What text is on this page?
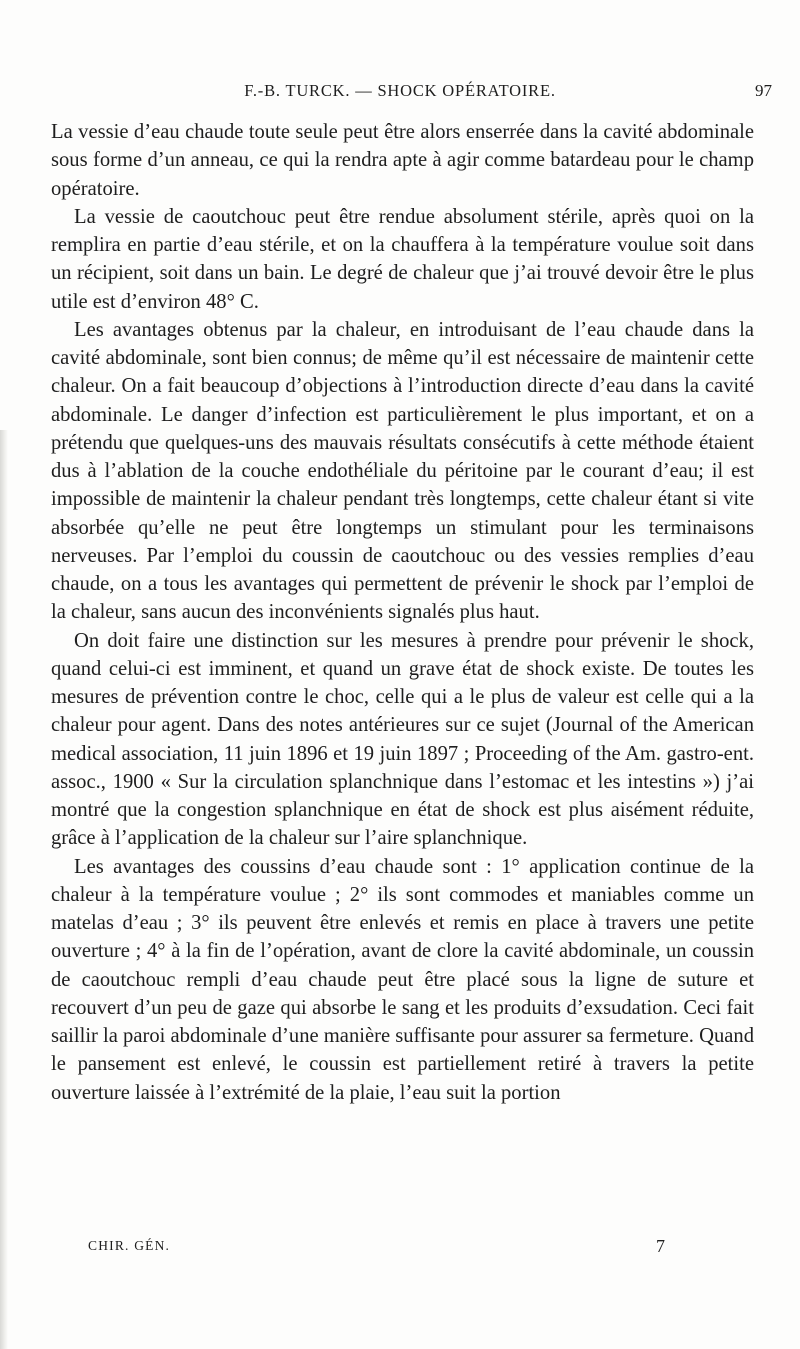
F.-B. TURCK. — SHOCK OPÉRATOIRE.	97

La vessie d’eau chaude toute seule peut être alors enserrée dans la cavité abdominale sous forme d’un anneau, ce qui la rendra apte à agir comme batardeau pour le champ opératoire.

La vessie de caoutchouc peut être rendue absolument stérile, après quoi on la remplira en partie d’eau stérile, et on la chauffera à la température voulue soit dans un récipient, soit dans un bain. Le degré de chaleur que j’ai trouvé devoir être le plus utile est d’environ 48° C.

Les avantages obtenus par la chaleur, en introduisant de l’eau chaude dans la cavité abdominale, sont bien connus; de même qu’il est nécessaire de maintenir cette chaleur. On a fait beaucoup d’objections à l’introduction directe d’eau dans la cavité abdominale. Le danger d’infection est particulièrement le plus important, et on a prétendu que quelques-uns des mauvais résultats consécutifs à cette méthode étaient dus à l’ablation de la couche endothéliale du péritoine par le courant d’eau; il est impossible de maintenir la chaleur pendant très longtemps, cette chaleur étant si vite absorbée qu’elle ne peut être longtemps un stimulant pour les terminaisons nerveuses. Par l’emploi du coussin de caoutchouc ou des vessies remplies d’eau chaude, on a tous les avantages qui permettent de prévenir le shock par l’emploi de la chaleur, sans aucun des inconvénients signalés plus haut.

On doit faire une distinction sur les mesures à prendre pour prévenir le shock, quand celui-ci est imminent, et quand un grave état de shock existe. De toutes les mesures de prévention contre le choc, celle qui a le plus de valeur est celle qui a la chaleur pour agent. Dans des notes antérieures sur ce sujet (Journal of the American medical association, 11 juin 1896 et 19 juin 1897 ; Proceeding of the Am. gastro-ent. assoc., 1900 « Sur la circulation splanchnique dans l’estomac et les intestins ») j’ai montré que la congestion splanchnique en état de shock est plus aisément réduite, grâce à l’application de la chaleur sur l’aire splanchnique.

Les avantages des coussins d’eau chaude sont : 1° application continue de la chaleur à la température voulue ; 2° ils sont commodes et maniables comme un matelas d’eau ; 3° ils peuvent être enlevés et remis en place à travers une petite ouverture ; 4° à la fin de l’opération, avant de clore la cavité abdominale, un coussin de caoutchouc rempli d’eau chaude peut être placé sous la ligne de suture et recouvert d’un peu de gaze qui absorbe le sang et les produits d’exsudation. Ceci fait saillir la paroi abdominale d’une manière suffisante pour assurer sa fermeture. Quand le pansement est enlevé, le coussin est partiellement retiré à travers la petite ouverture laissée à l’extrémité de la plaie, l’eau suit la portion

CHIR. GÉN.	7
